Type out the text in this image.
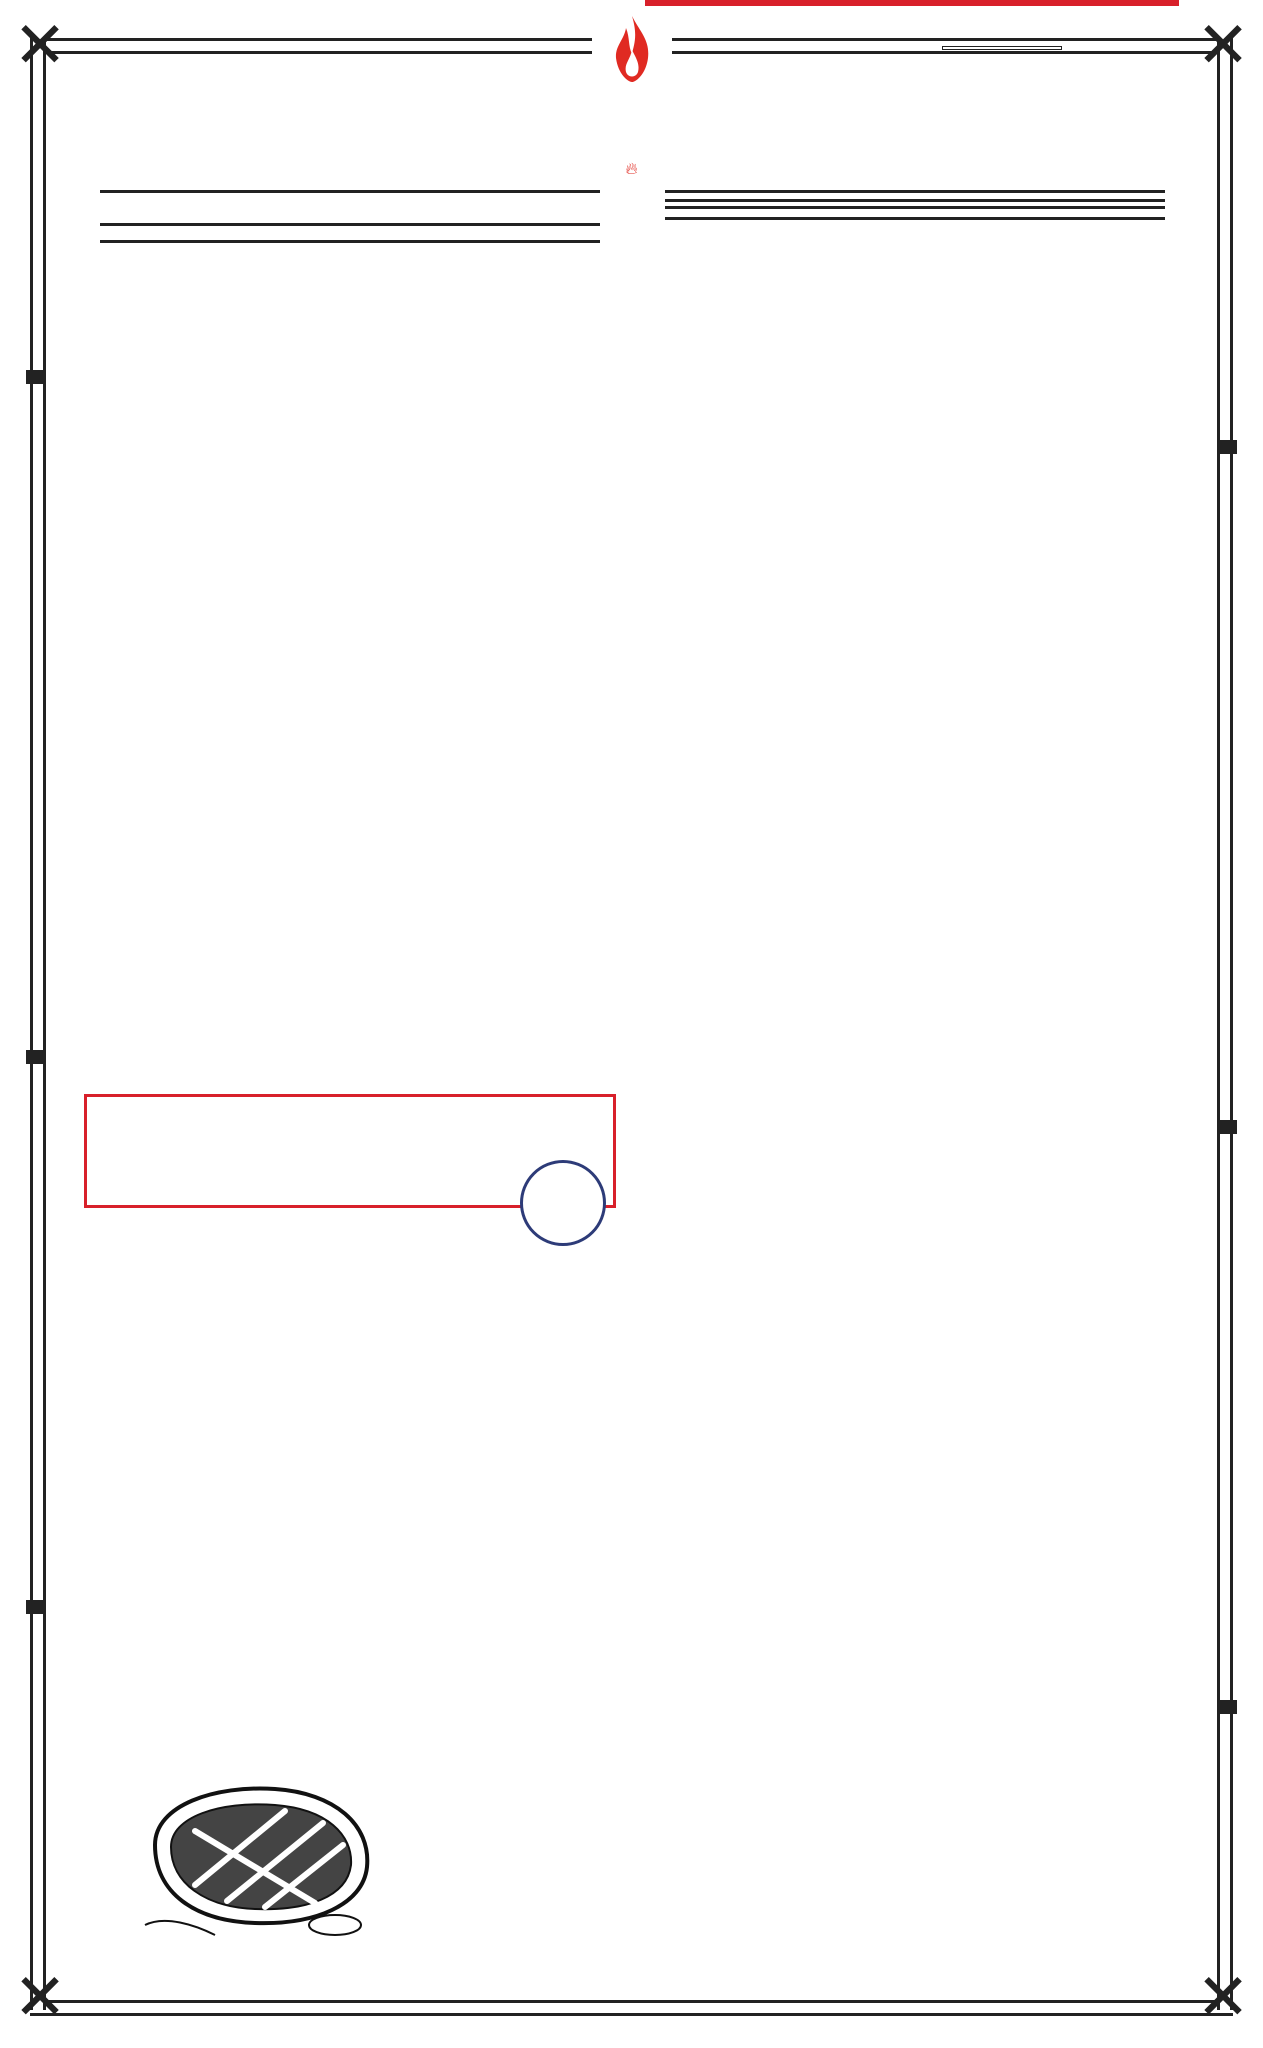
✕	✕
✕	✕
🔥︎
